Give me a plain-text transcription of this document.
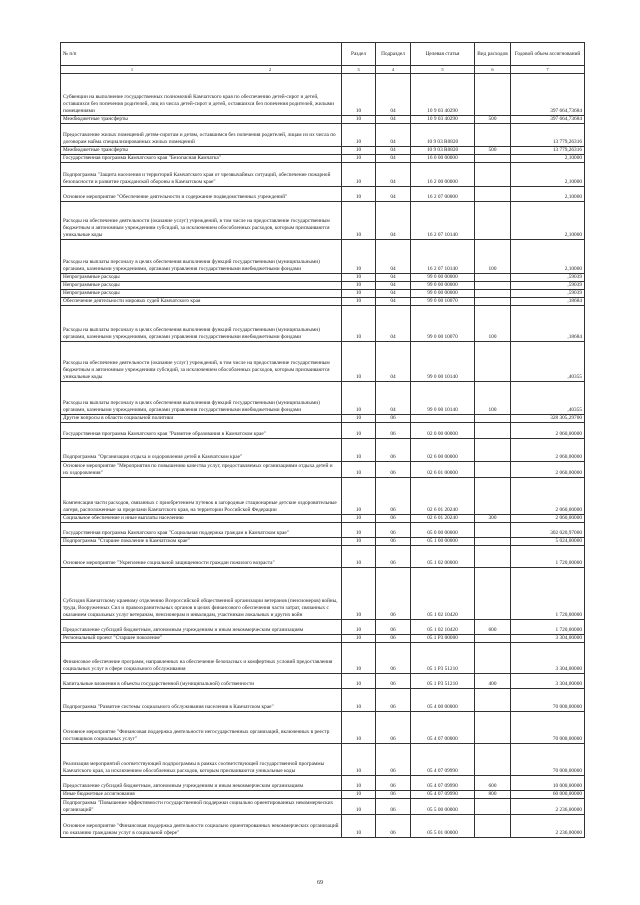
№ п/п	Раздел	Подраздел	Целевая статья	Вид расходов	Годовой объем ассигнований

1 2	3	4	5	6	7
Субвенции на выполнение государственных полномочий Камчатского края по обеспечению детей-сирот и детей, оставшихся без попечения родителей, лиц из числа детей-сирот и детей, оставшихся без попечения родителей, жилыми помещениями	10	04	10 9 03 40290		397 664,73684
Межбюджетные трансферты	10	04	10 9 03 40290	500	397 664,73684
Предоставление жилых помещений детям-сиротам и детям, оставшимся без попечения родителей, лицам из их числа по договорам найма специализированных жилых помещений	10	04	10 9 03 R0820		13 779,26316
Межбюджетные трансферты	10	04	10 9 03 R0820	500	13 779,26316
Государственная программа Камчатского края "Безопасная Камчатка"	10	04	16 0 00 00000		2,10000
Подпрограмма "Защита населения и территорий Камчатского края от чрезвычайных ситуаций, обеспечение пожарной безопасности и развитие гражданской обороны в Камчатском крае"	10	04	16 2 00 00000		2,10000
Основное мероприятие "Обеспечение деятельности и содержание подведомственных учреждений"	10	04	16 2 07 00000		2,10000
Расходы на обеспечение деятельности (оказание услуг) учреждений, в том числе на предоставление государственным бюджетным и автономным учреждениям субсидий, за исключением обособленных расходов, которым присваиваются уникальные коды	10	04	16 2 07 10140		2,10000
Расходы на выплаты персоналу в целях обеспечения выполнения функций государственными (муниципальными) органами, казенными учреждениями, органами управления государственными внебюджетными фондами	10	04	16 2 07 10140	100	2,10000
Непрограммные расходы	10	04	99 0 00 00000		,59039
Непрограммные расходы	10	04	99 0 00 00000		,59039
Непрограммные расходы	10	04	99 0 00 00000		,59039
Обеспечение деятельности мировых судей Камчатского края	10	04	99 0 00 10070		,18684
Расходы на выплаты персоналу в целях обеспечения выполнения функций государственными (муниципальными) органами, казенными учреждениями, органами управления государственными внебюджетными фондами	10	04	99 0 00 10070	100	,18684
Расходы на обеспечение деятельности (оказание услуг) учреждений, в том числе на предоставление государственным бюджетным и автономным учреждениям субсидий, за исключением обособленных расходов, которым присваиваются уникальные коды	10	04	99 0 00 10140		,40355
Расходы на выплаты персоналу в целях обеспечения выполнения функций государственными (муниципальными) органами, казенными учреждениями, органами управления государственными внебюджетными фондами	10	04	99 0 00 10140	100	,40355
Другие вопросы в области социальной политики	10	06			328 305,29700
Государственная программа Камчатского края "Развитие образования в Камчатском крае"	10	06	02 0 00 00000		2 060,00000
Подпрограмма "Организация отдыха и оздоровления детей в Камчатском крае"	10	06	02 6 00 00000		2 060,00000
Основное мероприятие "Мероприятия по повышению качества услуг, предоставляемых организациями отдыха детей и их оздоровления"	10	06	02 6 01 00000		2 060,00000
Компенсация части расходов, связанных с приобретением путевок в загородные стационарные детские оздоровительные лагеря, расположенные за пределами Камчатского края, на территории Российской Федерации	10	06	02 6 01 20240		2 060,00000
Социальное обеспечение и иные выплаты населению	10	06	02 6 01 20240	300	2 060,00000
Государственная программа Камчатского края "Социальная поддержка граждан в Камчатском крае"	10	06	05 0 00 00000		302 020,97000
Подпрограмма "Старшее поколение в Камчатском крае"	10	06	05 1 00 00000		5 024,00000
Основное мероприятие "Укрепление социальной защищенности граждан пожилого возраста"	10	06	05 1 02 00000		1 720,00000
Субсидия Камчатскому краевому отделению Всероссийской общественной организации ветеранов (пенсионеров) войны, труда, Вооруженных Сил и правоохранительных органов в целях финансового обеспечения части затрат, связанных с оказанием социальных услуг ветеранам, пенсионерам и инвалидам, участникам локальных и других войн	10	06	05 1 02 10420		1 720,00000
Предоставление субсидий бюджетным, автономным учреждениям и иным некоммерческим организациям	10	06	05 1 02 10420	600	1 720,00000
Региональный проект "Старшее поколение"	10	06	05 1 P3 00000		3 304,00000
Финансовое обеспечение программ, направленных на обеспечение безопасных и комфертных условий предоставления социальных услуг в сфере социального обслуживания	10	06	05 1 P3 51210		3 304,00000
Капитальные вложения в объекты государственной (муниципальной) собственности	10	06	05 1 P3 51210	400	3 304,00000
Подпрограмма "Развитие системы социального обслуживания населения в Камчатском крае"	10	06	05 4 00 00000		70 000,00000
Основное мероприятие "Финансовая поддержка деятельности негосударственных организаций, включенных в реестр поставщиков социальных услуг"	10	06	05 4 07 00000		70 000,00000
Реализация мероприятий соответствующей подпрограммы в рамках соответствующей государственной программы Камчатского края, за исключением обособленных расходов, которым присваиваются уникальные коды	10	06	05 4 07 09990		70 000,00000
Предоставление субсидий бюджетным, автономным учреждениям и иным некоммерческим организациям	10	06	05 4 07 09990	600	10 000,00000
Иные бюджетные ассигнования	10	06	05 4 07 09990	800	60 000,00000
Подпрограмма "Повышение эффективности государственной поддержки социально ориентированных некоммерческих организаций"	10	06	05 5 00 00000		2 236,00000
Основное мероприятие "Финансовая поддержка деятельности социально ориентированных некоммерческих организаций по оказанию гражданам услуг в социальной сфере"	10	06	05 5 01 00000		2 236,00000
69
